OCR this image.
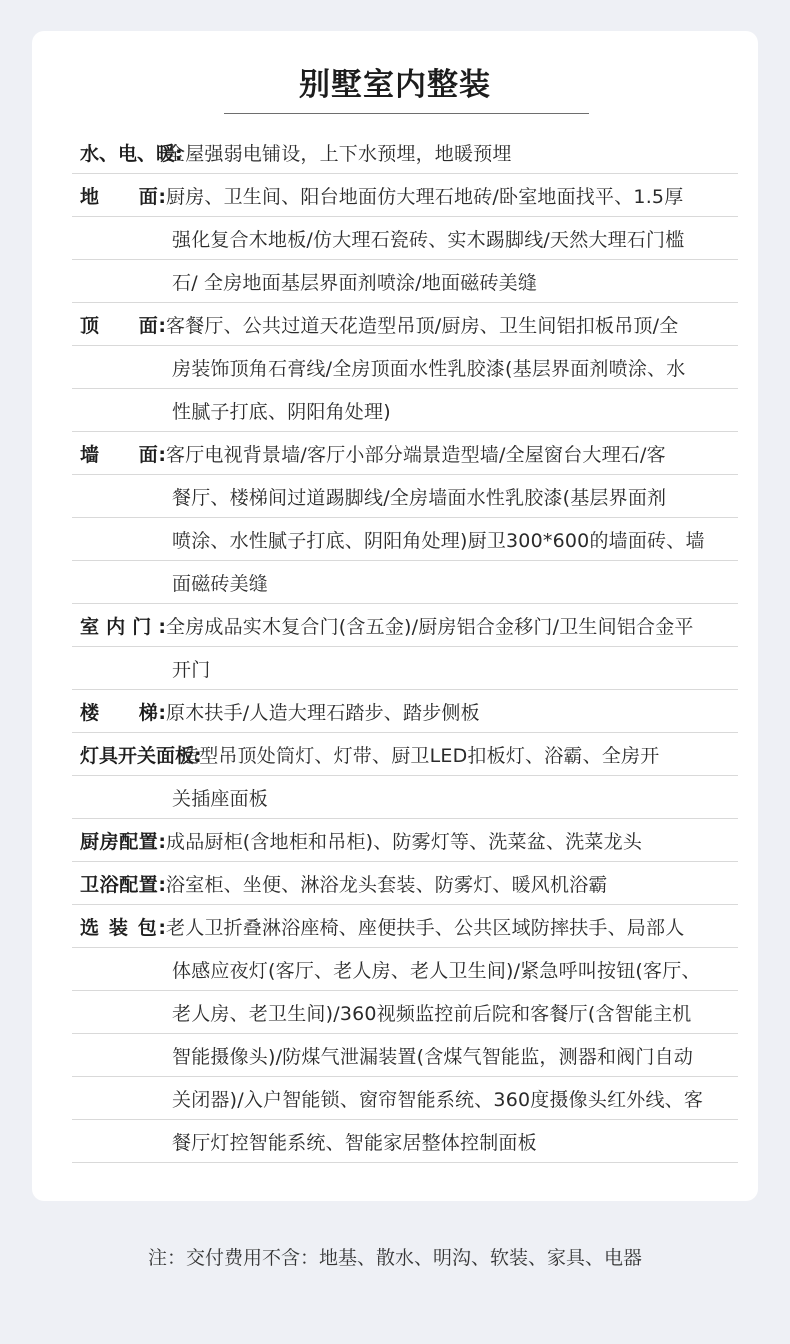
别墅室内整装
水、电、暖:
全屋强弱电铺设，上下水预埋，地暖预埋
地　　面: 厨房、卫生间、阳台地面仿大理石地砖/卧室地面找平、1.5厚
强化复合木地板/仿大理石瓷砖、实木踢脚线/天然大理石门槛
石/ 全房地面基层界面剂喷涂/地面磁砖美缝
顶　　面: 客餐厅、公共过道天花造型吊顶/厨房、卫生间铝扣板吊顶/全
房装饰顶角石膏线/全房顶面水性乳胶漆(基层界面剂喷涂、水
性腻子打底、阴阳角处理)
墙　　面: 客厅电视背景墙/客厅小部分端景造型墙/全屋窗台大理石/客
餐厅、楼梯间过道踢脚线/全房墙面水性乳胶漆(基层界面剂
喷涂、水性腻子打底、阴阳角处理)厨卫300*600的墙面砖、墙
面磁砖美缝
室 内 门 : 全房成品实木复合门(含五金)/厨房铝合金移门/卫生间铝合金平
开门
楼　　梯: 原木扶手/人造大理石踏步、踏步侧板
灯具开关面板:
造型吊顶处筒灯、灯带、厨卫LED扣板灯、浴霸、全房开
关插座面板
厨房配置: 成品厨柜(含地柜和吊柜)、防雾灯等、洗菜盆、洗菜龙头
卫浴配置: 浴室柜、坐便、淋浴龙头套装、防雾灯、暖风机浴霸
选 装 包: 老人卫折叠淋浴座椅、座便扶手、公共区域防摔扶手、局部人
体感应夜灯(客厅、老人房、老人卫生间)/紧急呼叫按钮(客厅、
老人房、老卫生间)/360视频监控前后院和客餐厅(含智能主机
智能摄像头)/防煤气泄漏装置(含煤气智能监，测器和阀门自动
关闭器)/入户智能锁、窗帘智能系统、360度摄像头红外线、客
餐厅灯控智能系统、智能家居整体控制面板
注：交付费用不含：地基、散水、明沟、软装、家具、电器
